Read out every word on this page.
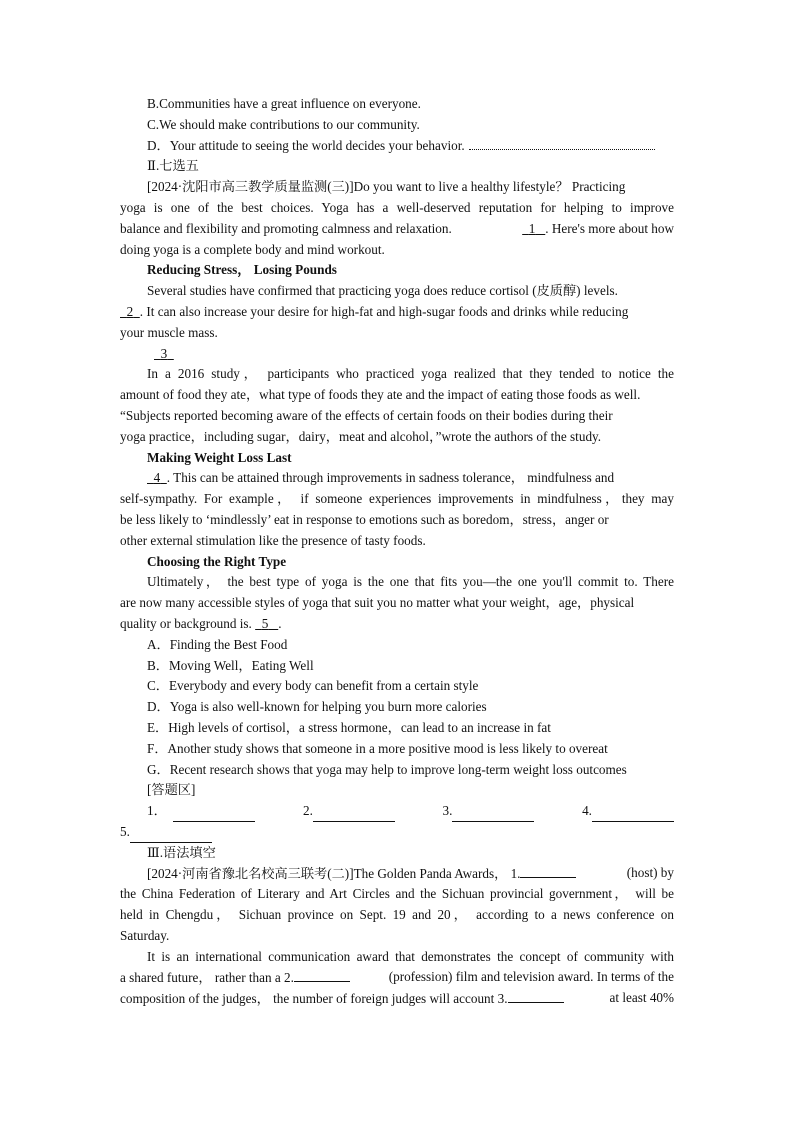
B.Communities have a great influence on everyone.
C.We should make contributions to our community.
D．Your attitude to seeing the world decides your behavior.
Ⅱ.七选五
[2024·沈阳市高三教学质量监测(三)]Do you want to live a healthy lifestyle？ Practicing
yoga is one of the best choices. Yoga has a well-deserved reputation for helping to improve
balance and flexibility and promoting calmness and relaxation.	1 . Here's more about how
doing yoga is a complete body and mind workout.
Reducing Stress， Losing Pounds
Several studies have confirmed that practicing yoga does reduce cortisol (皮质醇) levels.
2 . It can also increase your desire for high-fat and high-sugar foods and drinks while reducing
your muscle mass.
3
In a 2016 study， participants who practiced yoga realized that they tended to notice the
amount of food they ate，what type of foods they ate and the impact of eating those foods as well.
“Subjects reported becoming aware of the effects of certain foods on their bodies during their
yoga practice，including sugar，dairy，meat and alcohol，”wrote the authors of the study.
Making Weight Loss Last
4 . This can be attained through improvements in sadness tolerance， mindfulness and
self-sympathy. For example， if someone experiences improvements in mindfulness，they may
be less likely to ‘mindlessly’ eat in response to emotions such as boredom，stress，anger or
other external stimulation like the presence of tasty foods.
Choosing the Right Type
Ultimately， the best type of yoga is the one that fits you—the one you'll commit to. There
are now many accessible styles of yoga that suit you no matter what your weight，age，physical
quality or background is. 5 .
A．Finding the Best Food
B．Moving Well，Eating Well
C．Everybody and every body can benefit from a certain style
D．Yoga is also well-known for helping you burn more calories
E．High levels of cortisol，a stress hormone，can lead to an increase in fat
F．Another study shows that someone in a more positive mood is less likely to overeat
G．Recent research shows that yoga may help to improve long-term weight loss outcomes
[答题区]
1．
	2.	3.	4.
5.
Ⅲ.语法填空
[2024·河南省豫北名校高三联考(二)]The Golden Panda Awards， 1.	(host) by
the China Federation of Literary and Art Circles and the Sichuan provincial government， will be
held in Chengdu， Sichuan province on Sept. 19 and 20， according to a news conference on
Saturday.
It is an international communication award that demonstrates the concept of community with
a shared future， rather than a 2.	(profession) film and television award. In terms of the
composition of the judges， the number of foreign judges will account 3.	at least 40%
